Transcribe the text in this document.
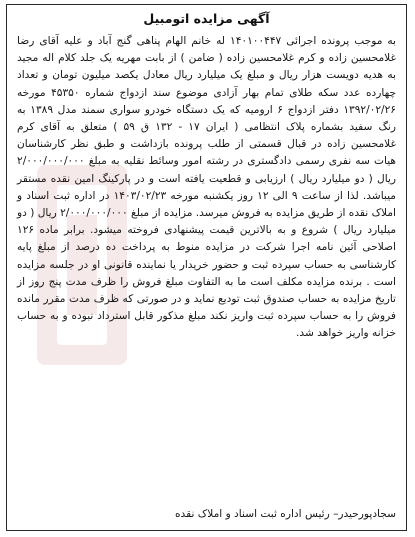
آگهی مزایده اتومبیل
به موجب پرونده اجرائی ۱۴۰۱۰۰۴۴۷ له خانم الهام پناهی گنج آباد و علیه آقای رضا غلامحسین زاده و کرم غلامحسین زاده ( ضامن ) از بابت مهریه یک جلد کلام اله مجید به هدیه دویست هزار ریال و مبلغ یک میلیارد ریال معادل یکصد میلیون تومان و تعداد چهارده عدد سکه طلای تمام بهار آزادی موضوع سند ازدواج شماره ۴۵۳۵۰ مورخه ۱۳۹۲/۰۲/۲۶ دفتر ازدواج ۶ ارومیه که یک دستگاه خودرو سواری سمند مدل ۱۳۸۹ به رنگ سفید بشماره پلاک انتظامی ( ایران ۱۷ - ۱۳۲ ق ۵۹ ) متعلق به آقای کرم غلامحسین زاده در قبال قسمتی از طلب پرونده بازداشت و طبق نظر کارشناسان هیات سه نفری رسمی دادگستری در رشته امور وسائط نقلیه به مبلغ ۲/۰۰۰/۰۰۰/۰۰۰ ریال ( دو میلیارد ریال ) ارزیابی و قطعیت یافته است و در پارکینگ امین نقده مستقر میباشد. لذا از ساعت ۹ الی ۱۲ روز یکشنبه مورخه ۱۴۰۳/۰۲/۲۳ در اداره ثبت اسناد و املاک نقده از طریق مزایده به فروش میرسد. مزایده از مبلغ ۲/۰۰۰/۰۰۰/۰۰۰ ریال ( دو میلیارد ریال ) شروع و به بالاترین قیمت پیشنهادی فروخته میشود. برابر ماده ۱۲۶ اصلاحی آئین نامه اجرا شرکت در مزایده منوط به پرداخت ده درصد از مبلغ پایه کارشناسی به حساب سپرده ثبت و حضور خریدار یا نماینده قانونی او در جلسه مزایده است . برنده مزایده مکلف است ما به التفاوت مبلغ فروش را ظرف مدت پنج روز از تاریخ مزایده به حساب صندوق ثبت تودیع نماید و در صورتی که ظرف مدت مقرر مانده فروش را به حساب سپرده ثبت واریز نکند مبلغ مذکور قابل استرداد نبوده و به حساب خزانه واریز خواهد شد.
سجادپورحیدر– رئیس اداره ثبت اسناد و املاک نقده
